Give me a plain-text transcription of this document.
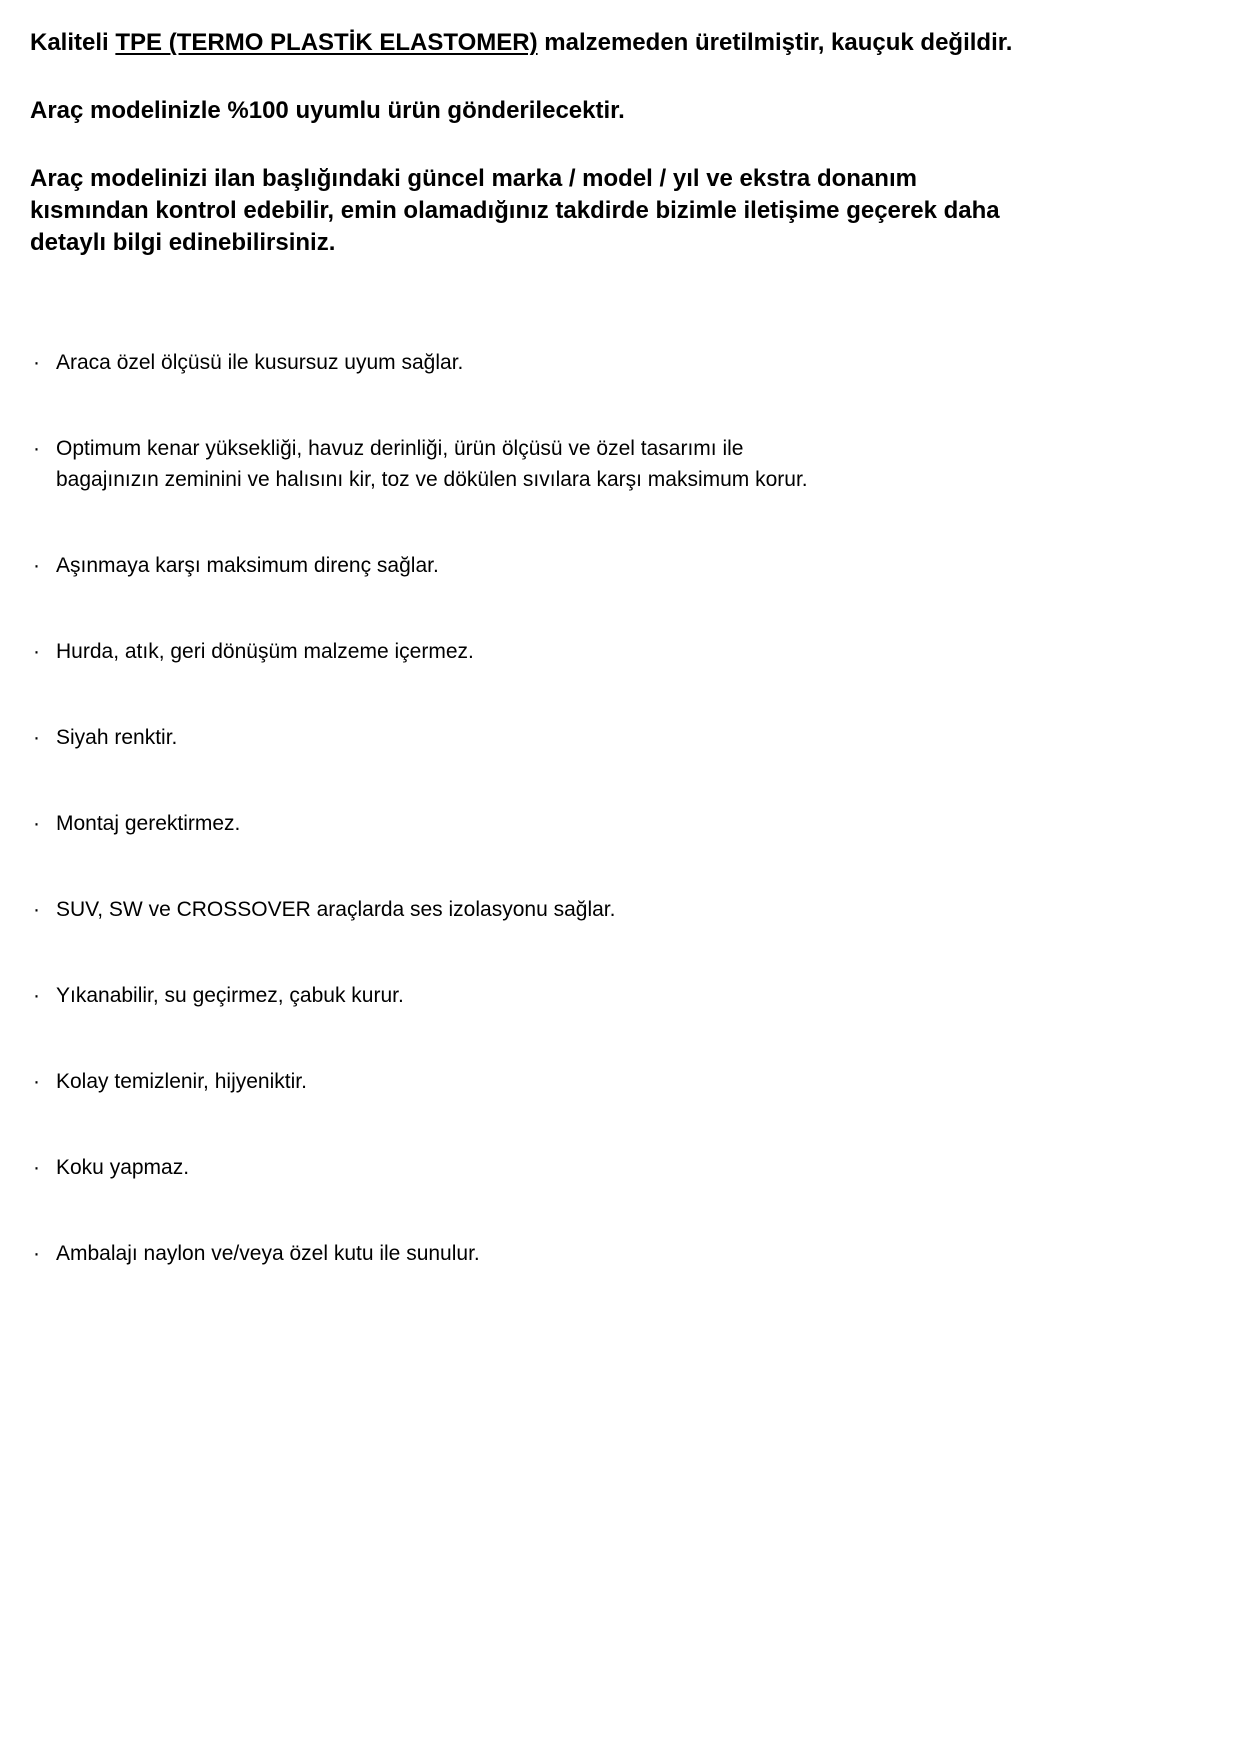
Kaliteli TPE (TERMO PLASTİK ELASTOMER) malzemeden üretilmiştir, kauçuk değildir.

Araç modelinizle %100 uyumlu ürün gönderilecektir.

Araç modelinizi ilan başlığındaki güncel marka / model / yıl ve ekstra donanım
kısmından kontrol edebilir, emin olamadığınız takdirde bizimle iletişime geçerek daha
detaylı bilgi edinebilirsiniz.

· Araca özel ölçüsü ile kusursuz uyum sağlar.
· Optimum kenar yüksekliği, havuz derinliği, ürün ölçüsü ve özel tasarımı ile
bagajınızın zeminini ve halısını kir, toz ve dökülen sıvılara karşı maksimum korur.
· Aşınmaya karşı maksimum direnç sağlar.
· Hurda, atık, geri dönüşüm malzeme içermez.
· Siyah renktir.
· Montaj gerektirmez.
· SUV, SW ve CROSSOVER araçlarda ses izolasyonu sağlar.
· Yıkanabilir, su geçirmez, çabuk kurur.
· Kolay temizlenir, hijyeniktir.
· Koku yapmaz.
· Ambalajı naylon ve/veya özel kutu ile sunulur.
